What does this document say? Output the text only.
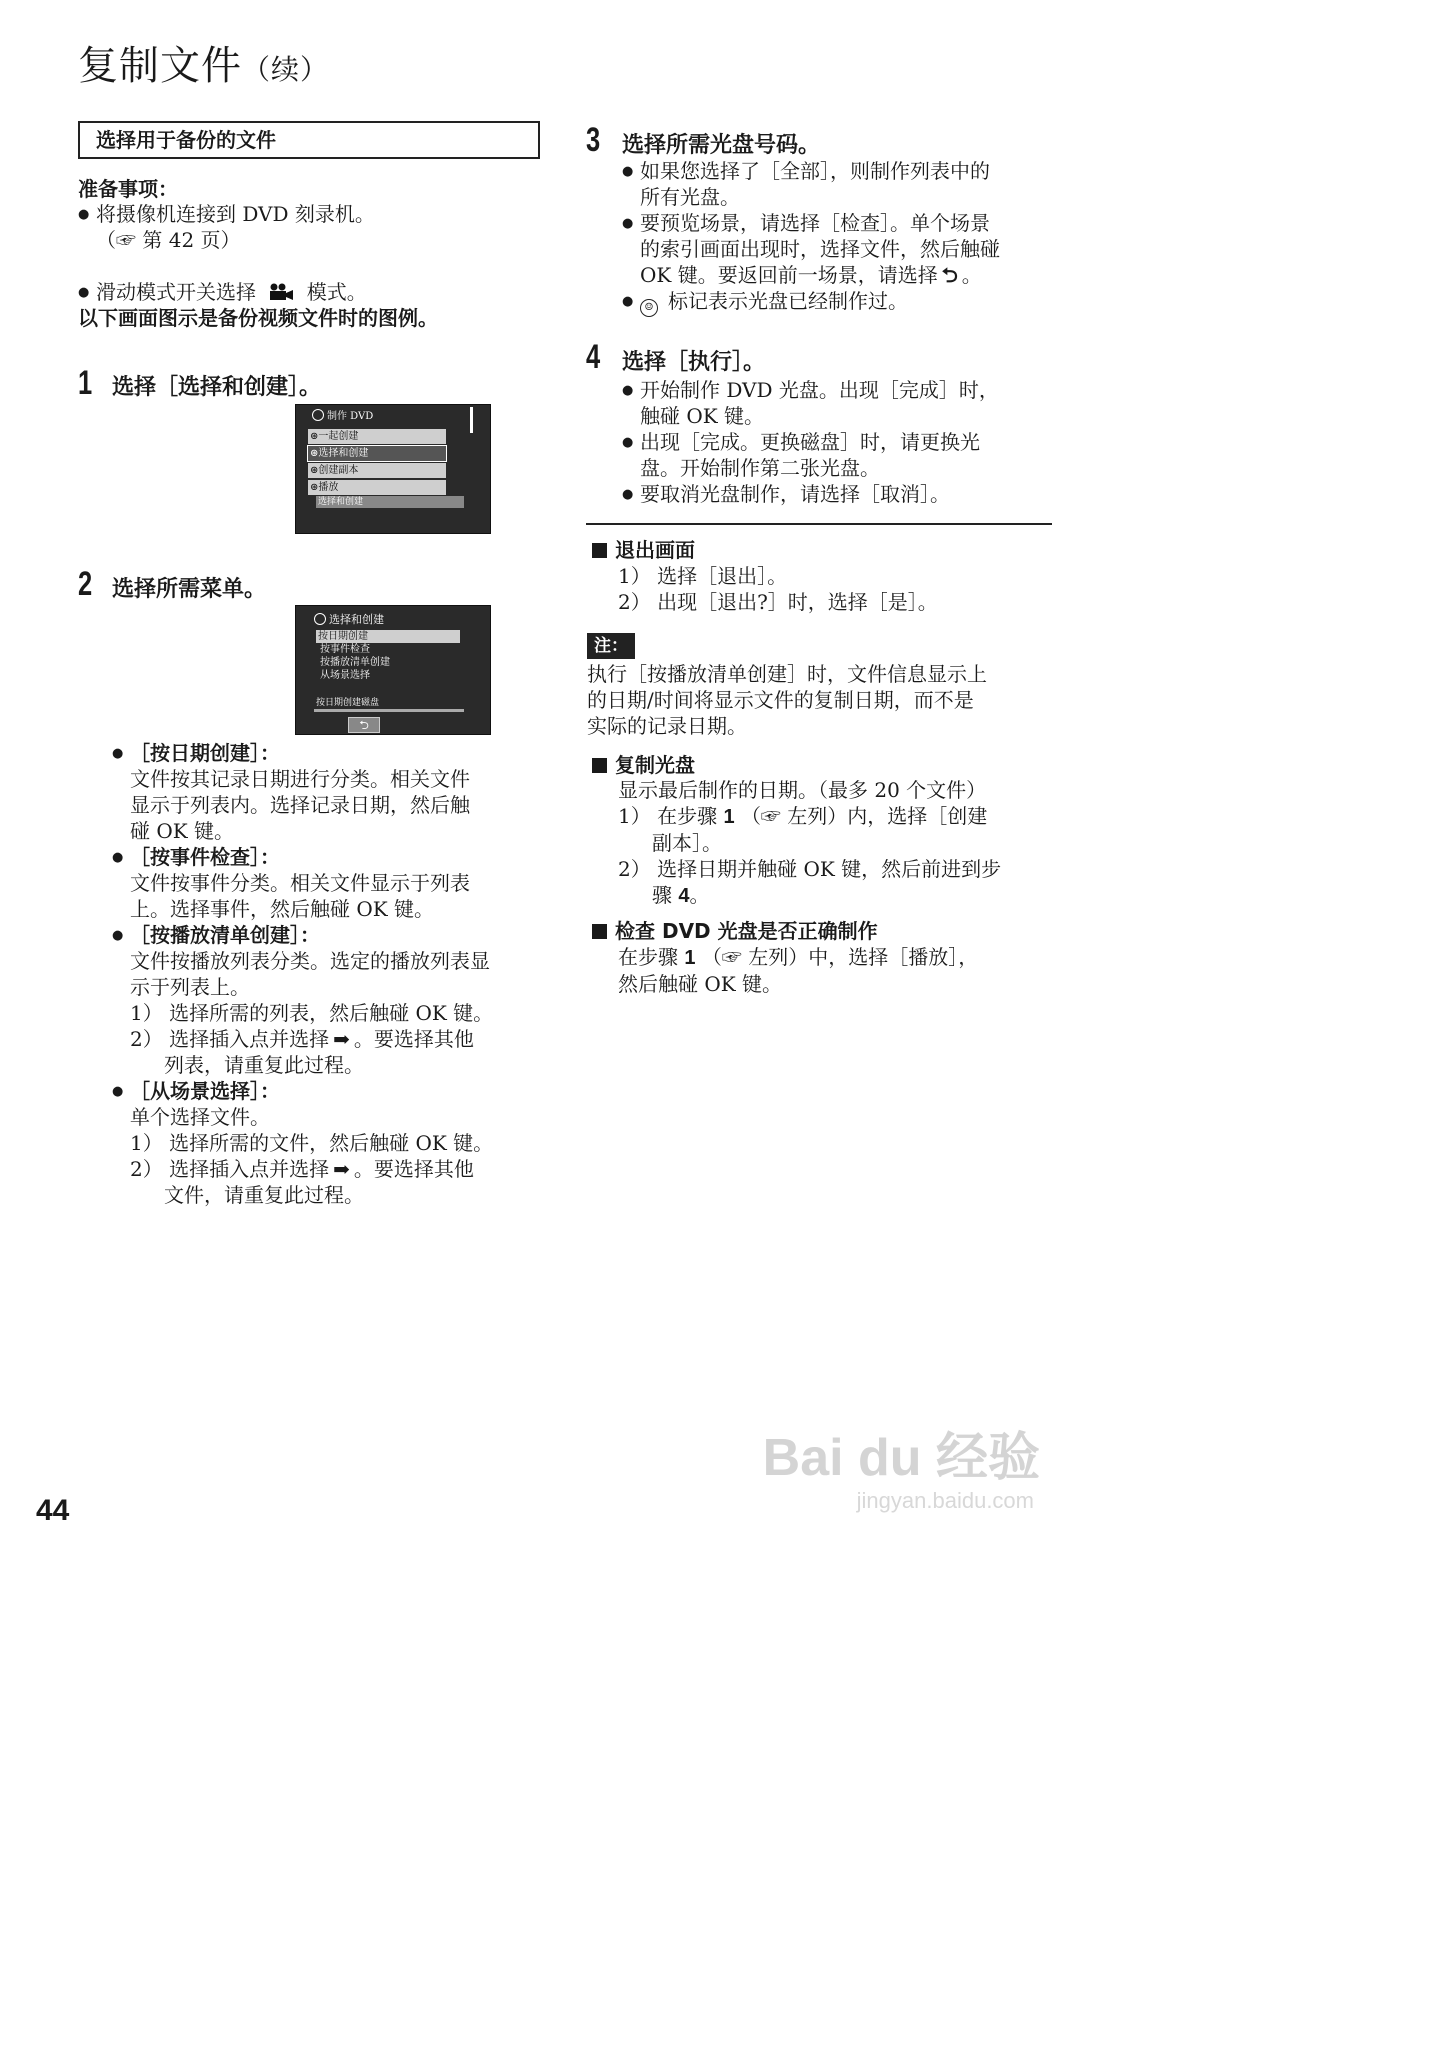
复制文件（续）
选择用于备份的文件
准备事项：
● 将摄像机连接到 DVD 刻录机。
（☞ 第 42 页）
● 滑动模式开关选择	模式。
以下画面图示是备份视频文件时的图例。
1 选择［选择和创建］。
制作 DVD
⊛一起创建
⊛选择和创建
⊛创建副本
⊛播放
选择和创建
2 选择所需菜单。
选择和创建
按日期创建
按事件检查
按播放清单创建
从场景选择
按日期创建磁盘
⮌
● ［按日期创建］：
文件按其记录日期进行分类。相关文件
显示于列表内。选择记录日期，然后触
碰 OK 键。
● ［按事件检查］：
文件按事件分类。相关文件显示于列表
上。选择事件，然后触碰 OK 键。
● ［按播放清单创建］：
文件按播放列表分类。选定的播放列表显
示于列表上。
1） 选择所需的列表，然后触碰 OK 键。
2） 选择插入点并选择 ➡ 。要选择其他
列表，请重复此过程。
● ［从场景选择］：
单个选择文件。
1） 选择所需的文件，然后触碰 OK 键。
2） 选择插入点并选择 ➡ 。要选择其他
文件，请重复此过程。
3 选择所需光盘号码。
● 如果您选择了［全部］，则制作列表中的
所有光盘。
● 要预览场景，请选择［检查］。单个场景
的索引画面出现时，选择文件，然后触碰
OK 键。要返回前一场景，请选择 ⮌ 。
● ☺ 标记表示光盘已经制作过。
4 选择［执行］。
● 开始制作 DVD 光盘。出现［完成］时，
触碰 OK 键。
● 出现［完成。更换磁盘］时，请更换光
盘。开始制作第二张光盘。
● 要取消光盘制作，请选择［取消］。
退出画面
1） 选择［退出］。
2） 出现［退出?］时，选择［是］。
注：
执行［按播放清单创建］时，文件信息显示上
的日期/时间将显示文件的复制日期，而不是
实际的记录日期。
复制光盘
显示最后制作的日期。（最多 20 个文件）
1） 在步骤 1 （☞ 左列）内，选择［创建
副本］。
2） 选择日期并触碰 OK 键，然后前进到步
骤 4。
检查 DVD 光盘是否正确制作
在步骤 1 （☞ 左列）中，选择［播放］，
然后触碰 OK 键。
44
Bai du 经验
jingyan.baidu.com
